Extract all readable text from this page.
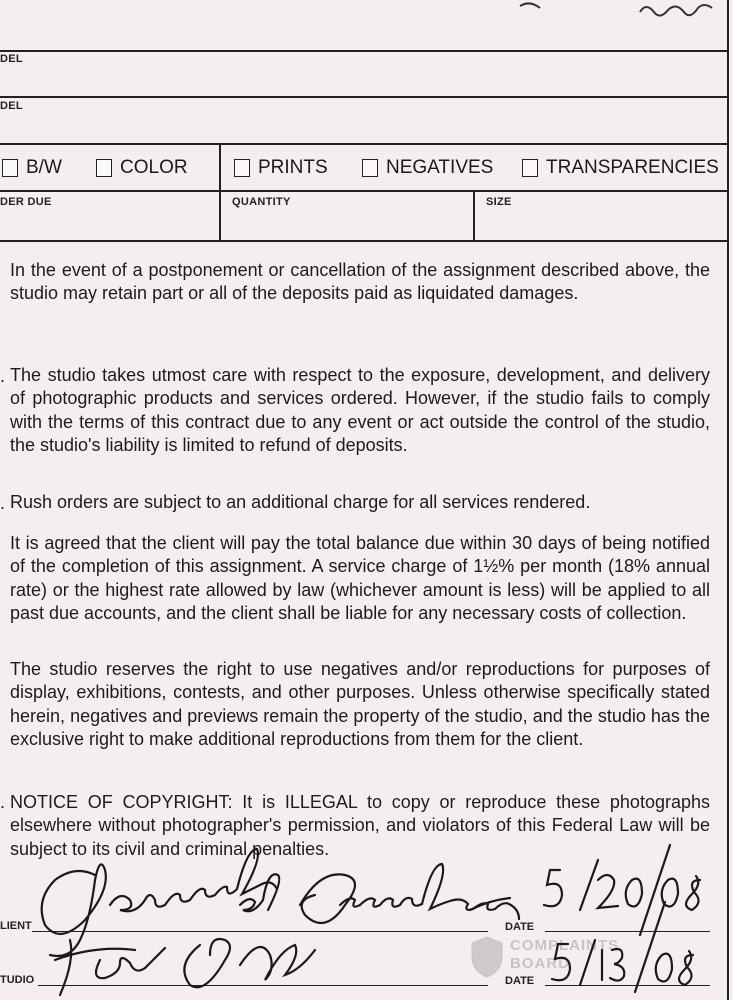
DEL
DEL
B/W	COLOR	PRINTS	NEGATIVES	TRANSPARENCIES
DER DUE	QUANTITY	SIZE
In the event of a postponement or cancellation of the assignment described above, the studio may retain part or all of the deposits paid as liquidated damages.
. The studio takes utmost care with respect to the exposure, development, and delivery of photographic products and services ordered. However, if the studio fails to comply with the terms of this contract due to any event or act outside the control of the studio, the studio's liability is limited to refund of deposits.
. Rush orders are subject to an additional charge for all services rendered.
It is agreed that the client will pay the total balance due within 30 days of being notified of the completion of this assignment. A service charge of 1½% per month (18% annual rate) or the highest rate allowed by law (whichever amount is less) will be applied to all past due accounts, and the client shall be liable for any necessary costs of collection.
The studio reserves the right to use negatives and/or reproductions for purposes of display, exhibitions, contests, and other purposes. Unless otherwise specifically stated herein, negatives and previews remain the property of the studio, and the studio has the exclusive right to make additional reproductions from them for the client.
. NOTICE OF COPYRIGHT: It is ILLEGAL to copy or reproduce these photographs elsewhere without photographer's permission, and violators of this Federal Law will be subject to its civil and criminal penalties.
LIENT	DATE
TUDIO	DATE
COMPLAINTS
BOARD
